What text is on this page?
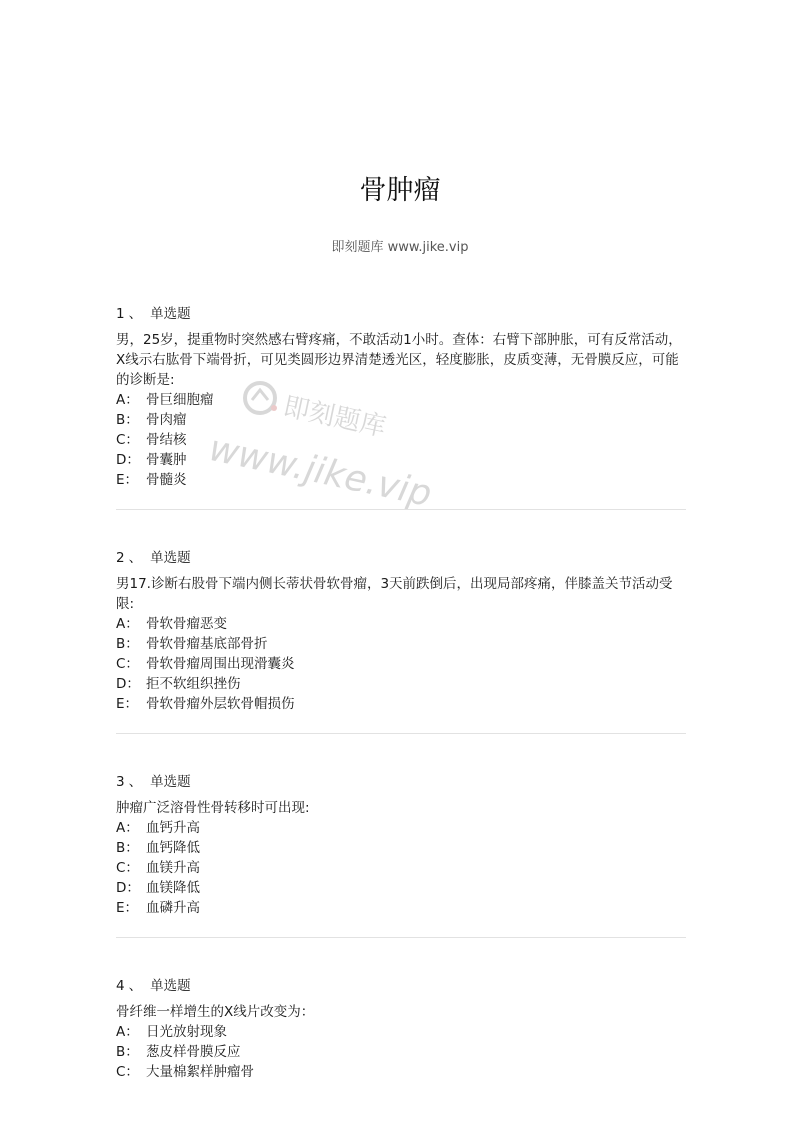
骨肿瘤
即刻题库 www.jike.vip
即刻题库
www.jike.vip
1 、 单选题

男，25岁，提重物时突然感右臂疼痛，不敢活动1小时。查体：右臂下部肿胀，可有反常活动，X线示右肱骨下端骨折，可见类圆形边界清楚透光区，轻度膨胀，皮质变薄，无骨膜反应，可能的诊断是:

A： 骨巨细胞瘤
B： 骨肉瘤
C： 骨结核
D： 骨囊肿
E： 骨髓炎
2 、 单选题

男17.诊断右股骨下端内侧长蒂状骨软骨瘤，3天前跌倒后，出现局部疼痛，伴膝盖关节活动受限:

A： 骨软骨瘤恶变
B： 骨软骨瘤基底部骨折
C： 骨软骨瘤周围出现滑囊炎
D： 拒不软组织挫伤
E： 骨软骨瘤外层软骨帽损伤
3 、 单选题

肿瘤广泛溶骨性骨转移时可出现:

A： 血钙升高
B： 血钙降低
C： 血镁升高
D： 血镁降低
E： 血磷升高
4 、 单选题

骨纤维一样增生的X线片改变为：

A： 日光放射现象
B： 葱皮样骨膜反应
C： 大量棉絮样肿瘤骨
